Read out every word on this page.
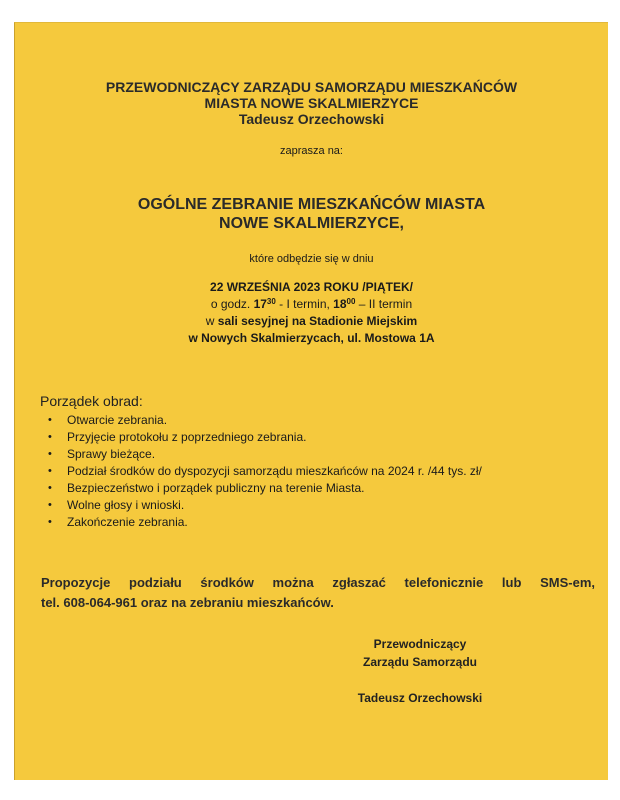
PRZEWODNICZĄCY ZARZĄDU SAMORZĄDU MIESZKAŃCÓW
MIASTA NOWE SKALMIERZYCE
Tadeusz Orzechowski
zaprasza na:
OGÓLNE ZEBRANIE MIESZKAŃCÓW MIASTA
NOWE SKALMIERZYCE,
które odbędzie się w dniu
22 WRZEŚNIA 2023 ROKU /PIĄTEK/
o godz. $17^{30}$ - I termin, $18^{00}$ – II termin
w sali sesyjnej na Stadionie Miejskim
w Nowych Skalmierzycach, ul. Mostowa 1A
Porządek obrad:
• Otwarcie zebrania.
• Przyjęcie protokołu z poprzedniego zebrania.
• Sprawy bieżące.
• Podział środków do dyspozycji samorządu mieszkańców na 2024 r. /44 tys. zł/
• Bezpieczeństwo i porządek publiczny na terenie Miasta.
• Wolne głosy i wnioski.
• Zakończenie zebrania.
Propozycje podziału środków można zgłaszać telefonicznie lub SMS-em,
tel. 608-064-961 oraz na zebraniu mieszkańców.
Przewodniczący
Zarządu Samorządu
Tadeusz Orzechowski
